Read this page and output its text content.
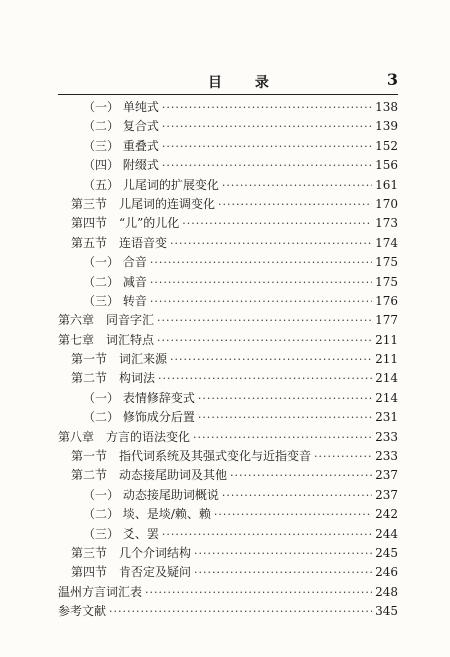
目 录	3
（一） 单纯式 ·····	138
（二） 复合式 ·····	139
（三） 重叠式 ·····	152
（四） 附缀式 ·····	156
（五） 儿尾词的扩展变化 ·····	161
第三节　儿尾词的连调变化 ·····	170
第四节　“儿”的儿化 ·····	173
第五节　连语音变 ·····	174
（一） 合音 ·····	175
（二） 减音 ·····	175
（三） 转音 ·····	176
第六章　同音字汇 ·····	177
第七章　词汇特点 ·····	211
第一节　词汇来源 ·····	211
第二节　构词法 ·····	214
（一） 表情修辞变式 ·····	214
（二） 修饰成分后置 ·····	231
第八章　方言的语法变化 ·····	233
第一节　指代词系统及其强式变化与近指变音 ·····	233
第二节　动态接尾助词及其他 ·····	237
（一） 动态接尾助词概说 ·····	237
（二） 埮、是埮/赖、赖 ·····	242
（三） 爻、罢 ·····	244
第三节　几个介词结构 ·····	245
第四节　肯否定及疑问 ·····	246
温州方言词汇表 ·····	248
参考文献 ·····	345
